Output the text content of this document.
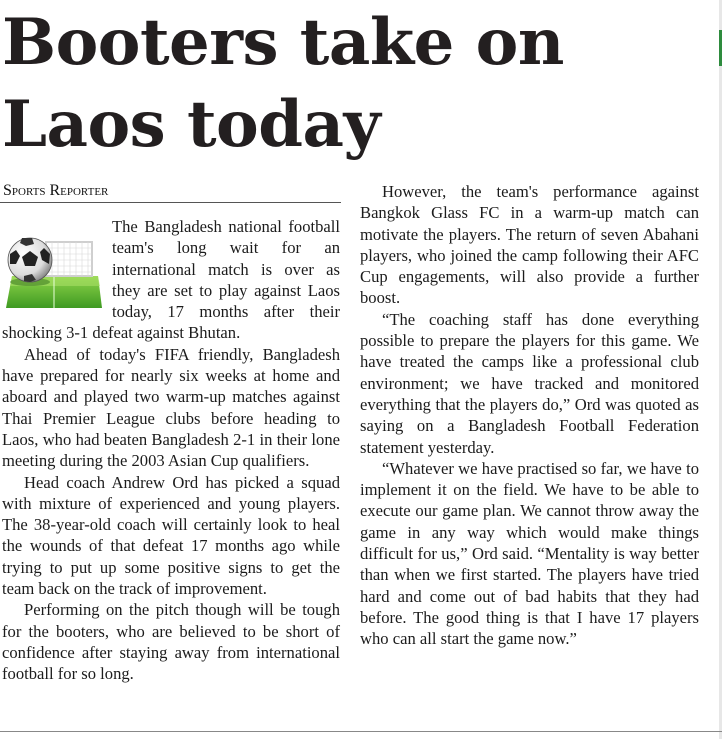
Booters take on Laos today
Sports Reporter

The Bangladesh national football team's long wait for an international match is over as they are set to play against Laos today, 17 months after their shocking 3-1 defeat against Bhutan.

Ahead of today's FIFA friendly, Bangladesh have prepared for nearly six weeks at home and aboard and played two warm-up matches against Thai Premier League clubs before heading to Laos, who had beaten Bangladesh 2-1 in their lone meeting during the 2003 Asian Cup qualifiers.

Head coach Andrew Ord has picked a squad with mixture of experienced and young players. The 38-year-old coach will certainly look to heal the wounds of that defeat 17 months ago while trying to put up some positive signs to get the team back on the track of improvement.

Performing on the pitch though will be tough for the booters, who are believed to be short of confidence after staying away from international football for so long.

However, the team's performance against Bangkok Glass FC in a warm-up match can motivate the players. The return of seven Abahani players, who joined the camp following their AFC Cup engagements, will also provide a further boost.

“The coaching staff has done everything possible to prepare the players for this game. We have treated the camps like a professional club environment; we have tracked and monitored everything that the players do,” Ord was quoted as saying on a Bangladesh Football Federation statement yesterday.

“Whatever we have practised so far, we have to implement it on the field. We have to be able to execute our game plan. We cannot throw away the game in any way which would make things difficult for us,” Ord said. “Mentality is way better than when we first started. The players have tried hard and come out of bad habits that they had before. The good thing is that I have 17 players who can all start the game now.”
